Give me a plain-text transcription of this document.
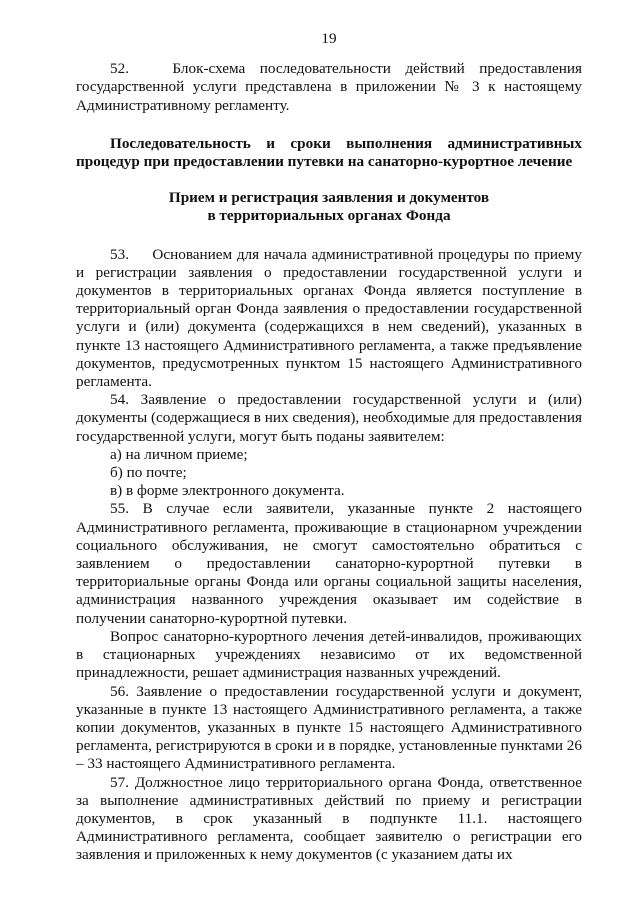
19

52.   Блок-схема последовательности действий предоставления государственной услуги представлена в приложении № 3 к настоящему Административному регламенту.

Последовательность и сроки выполнения административных процедур при предоставлении путевки на санаторно-курортное лечение

Прием и регистрация заявления и документов
в территориальных органах Фонда

53.     Основанием для начала административной процедуры по приему и регистрации заявления о предоставлении государственной услуги и документов в территориальных органах Фонда является поступление в территориальный орган Фонда заявления о предоставлении государственной услуги и (или) документа (содержащихся в нем сведений), указанных в пункте 13 настоящего Административного регламента, а также предъявление документов, предусмотренных пунктом 15 настоящего Административного регламента.

54. Заявление о предоставлении государственной услуги и (или) документы (содержащиеся в них сведения), необходимые для предоставления государственной услуги, могут быть поданы заявителем:

а) на личном приеме;

б) по почте;

в) в форме электронного документа.

55. В случае если заявители, указанные пункте 2 настоящего Административного регламента, проживающие в стационарном учреждении социального обслуживания, не смогут самостоятельно обратиться с заявлением о предоставлении санаторно-курортной путевки в территориальные органы Фонда или органы социальной защиты населения, администрация названного учреждения оказывает им содействие в получении санаторно-курортной путевки.

Вопрос санаторно-курортного лечения детей-инвалидов, проживающих в стационарных учреждениях независимо от их ведомственной принадлежности, решает администрация названных учреждений.

56. Заявление о предоставлении государственной услуги и документ, указанные в пункте 13 настоящего Административного регламента, а также копии документов, указанных в пункте 15 настоящего Административного регламента, регистрируются в сроки и в порядке, установленные пунктами 26 – 33 настоящего Административного регламента.

57. Должностное лицо территориального органа Фонда, ответственное за выполнение административных действий по приему и регистрации документов, в срок указанный в подпункте 11.1. настоящего Административного регламента, сообщает заявителю о регистрации его заявления и приложенных к нему документов (с указанием даты их
